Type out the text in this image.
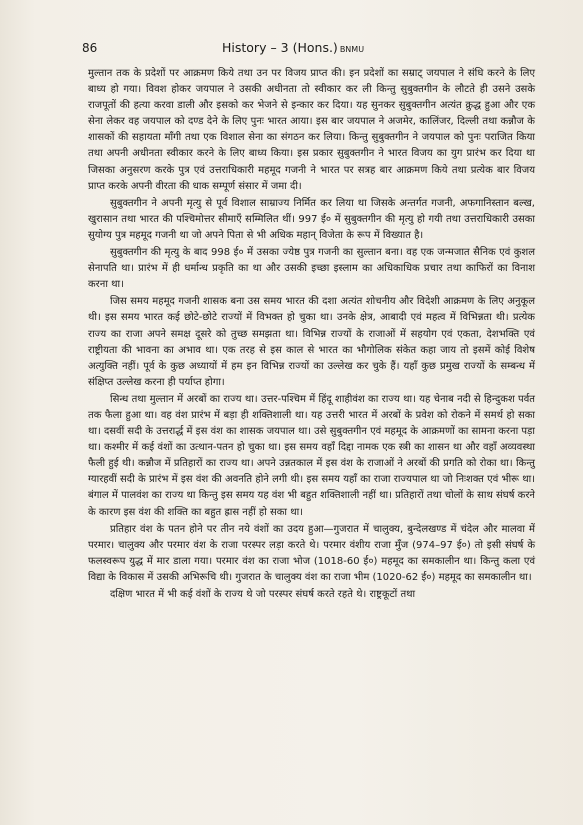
86	History – 3 (Hons.) BNMU

मुल्तान तक के प्रदेशों पर आक्रमण किये तथा उन पर विजय प्राप्त की। इन प्रदेशों का सम्राट् जयपाल ने संधि करने के लिए बाध्य हो गया। विवश होकर जयपाल ने उसकी अधीनता तो स्वीकार कर ली किन्तु सुबुक्तगीन के लौटते ही उसने उसके राजपूतों की हत्या करवा डाली और इसको कर भेजने से इन्कार कर दिया। यह सुनकर सुबुक्तगीन अत्यंत क्रुद्ध हुआ और एक सेना लेकर वह जयपाल को दण्ड देने के लिए पुनः भारत आया। इस बार जयपाल ने अजमेर, कालिंजर, दिल्ली तथा कन्नौज के शासकों की सहायता माँगी तथा एक विशाल सेना का संगठन कर लिया। किन्तु सुबुक्तगीन ने जयपाल को पुनः पराजित किया तथा अपनी अधीनता स्वीकार करने के लिए बाध्य किया। इस प्रकार सुबुक्तगीन ने भारत विजय का युग प्रारंभ कर दिया था जिसका अनुसरण करके पुत्र एवं उत्तराधिकारी महमूद गजनी ने भारत पर सत्रह बार आक्रमण किये तथा प्रत्येक बार विजय प्राप्त करके अपनी वीरता की धाक सम्पूर्ण संसार में जमा दी।

सुबुक्तगीन ने अपनी मृत्यु से पूर्व विशाल साम्राज्य निर्मित कर लिया था जिसके अन्तर्गत गजनी, अफगानिस्तान बल्ख, खुरासान तथा भारत की पश्चिमोत्तर सीमाएँ सम्मिलित थीं। 997 ई० में सुबुक्तगीन की मृत्यु हो गयी तथा उत्तराधिकारी उसका सुयोग्य पुत्र महमूद गजनी था जो अपने पिता से भी अधिक महान् विजेता के रूप में विख्यात है।

सुबुक्तगीन की मृत्यु के बाद 998 ई० में उसका ज्येष्ठ पुत्र गजनी का सुल्तान बना। वह एक जन्मजात सैनिक एवं कुशल सेनापति था। प्रारंभ में ही धर्मान्ध प्रकृति का था और उसकी इच्छा इस्लाम का अधिकाधिक प्रचार तथा काफिरों का विनाश करना था।

जिस समय महमूद गजनी शासक बना उस समय भारत की दशा अत्यंत शोचनीय और विदेशी आक्रमण के लिए अनुकूल थी। इस समय भारत कई छोटे-छोटे राज्यों में विभक्त हो चुका था। उनके क्षेत्र, आबादी एवं महत्व में विभिन्नता थी। प्रत्येक राज्य का राजा अपने समक्ष दूसरे को तुच्छ समझता था। विभिन्न राज्यों के राजाओं में सहयोग एवं एकता, देशभक्ति एवं राष्ट्रीयता की भावना का अभाव था। एक तरह से इस काल से भारत का भौगोलिक संकेत कहा जाय तो इसमें कोई विशेष अत्युक्ति नहीं। पूर्व के कुछ अध्यायों में हम इन विभिन्न राज्यों का उल्लेख कर चुके हैं। यहाँ कुछ प्रमुख राज्यों के सम्बन्ध में संक्षिप्त उल्लेख करना ही पर्याप्त होगा।

सिन्ध तथा मुल्तान में अरबों का राज्य था। उत्तर-पश्चिम में हिंदू शाहीवंश का राज्य था। यह चेनाब नदी से हिन्दुकश पर्वत तक फैला हुआ था। वह वंश प्रारंभ में बड़ा ही शक्तिशाली था। यह उत्तरी भारत में अरबों के प्रवेश को रोकने में समर्थ हो सका था। दसवीं सदी के उत्तरार्द्ध में इस वंश का शासक जयपाल था। उसे सुबुक्तगीन एवं महमूद के आक्रमणों का सामना करना पड़ा था। कश्मीर में कई वंशों का उत्थान-पतन हो चुका था। इस समय वहाँ दिद्दा नामक एक स्त्री का शासन था और वहाँ अव्यवस्था फैली हुई थी। कन्नौज में प्रतिहारों का राज्य था। अपने उन्नतकाल में इस वंश के राजाओं ने अरबों की प्रगति को रोका था। किन्तु ग्यारहवीं सदी के प्रारंभ में इस वंश की अवनति होने लगी थी। इस समय यहाँ का राजा राज्यपाल था जो निःशक्त एवं भीरू था। बंगाल में पालवंश का राज्य था किन्तु इस समय यह वंश भी बहुत शक्तिशाली नहीं था। प्रतिहारों तथा चोलों के साथ संघर्ष करने के कारण इस वंश की शक्ति का बहुत ह्रास नहीं हो सका था।

प्रतिहार वंश के पतन होने पर तीन नये वंशों का उदय हुआ—गुजरात में चालुक्य, बुन्देलखण्ड में चंदेल और मालवा में परमार। चालुक्य और परमार वंश के राजा परस्पर लड़ा करते थे। परमार वंशीय राजा मुँज (974–97 ई०) तो इसी संघर्ष के फलस्वरूप युद्ध में मार डाला गया। परमार वंश का राजा भोज (1018-60 ई०) महमूद का समकालीन था। किन्तु कला एवं विद्या के विकास में उसकी अभिरूचि थी। गुजरात के चालुक्य वंश का राजा भीम (1020-62 ई०) महमूद का समकालीन था।

दक्षिण भारत में भी कई वंशों के राज्य थे जो परस्पर संघर्ष करते रहते थे। राष्ट्रकूटों तथा
